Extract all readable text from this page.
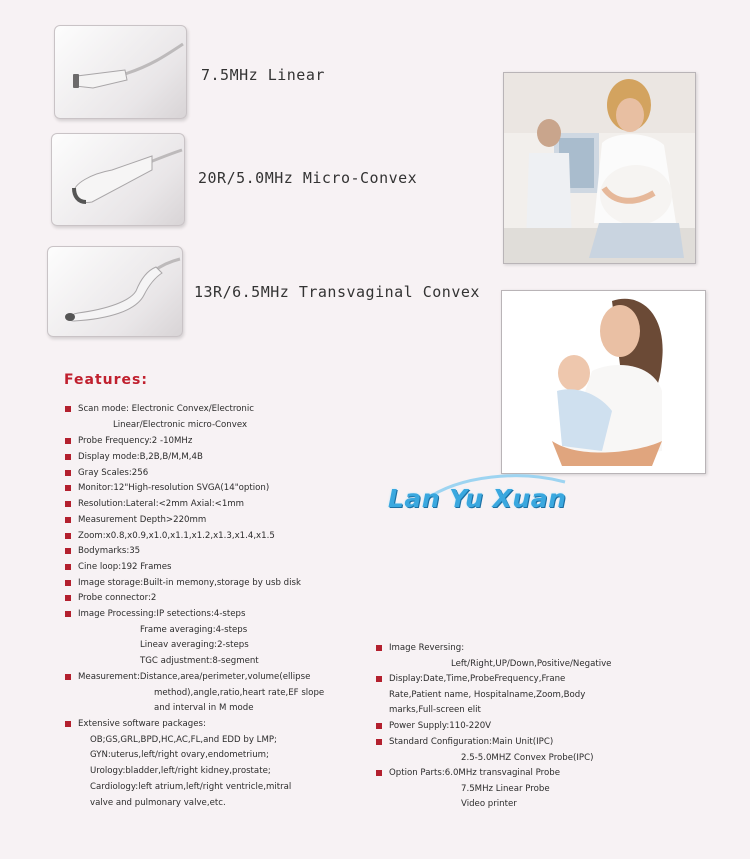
7.5MHz Linear
20R/5.0MHz Micro-Convex
13R/6.5MHz Transvaginal Convex
Lan Yu Xuan
Features:
Scan mode: Electronic Convex/Electronic
Linear/Electronic micro-Convex
Probe Frequency:2 -10MHz
Display mode:B,2B,B/M,M,4B
Gray Scales:256
Monitor:12"High-resolution SVGA(14"option)
Resolution:Lateral:<2mm Axial:<1mm
Measurement Depth>220mm
Zoom:x0.8,x0.9,x1.0,x1.1,x1.2,x1.3,x1.4,x1.5
Bodymarks:35
Cine loop:192 Frames
Image storage:Built-in memony,storage by usb disk
Probe connector:2
Image Processing:IP setections:4-steps
Frame averaging:4-steps
Lineav averaging:2-steps
TGC adjustment:8-segment
Measurement:Distance,area/perimeter,volume(ellipse
method),angle,ratio,heart rate,EF slope
and interval in M mode
Extensive software packages:
OB;GS,GRL,BPD,HC,AC,FL,and EDD by LMP;
GYN:uterus,left/right ovary,endometrium;
Urology:bladder,left/right kidney,prostate;
Cardiology:left atrium,left/right ventricle,mitral
valve and pulmonary valve,etc.
Image Reversing:
Left/Right,UP/Down,Positive/Negative
Display:Date,Time,ProbeFrequency,Frane
Rate,Patient name, Hospitalname,Zoom,Body
marks,Full-screen elit
Power Supply:110-220V
Standard Configuration:Main Unit(IPC)
2.5-5.0MHZ Convex Probe(IPC)
Option Parts:6.0MHz transvaginal Probe
7.5MHz Linear Probe
Video printer
